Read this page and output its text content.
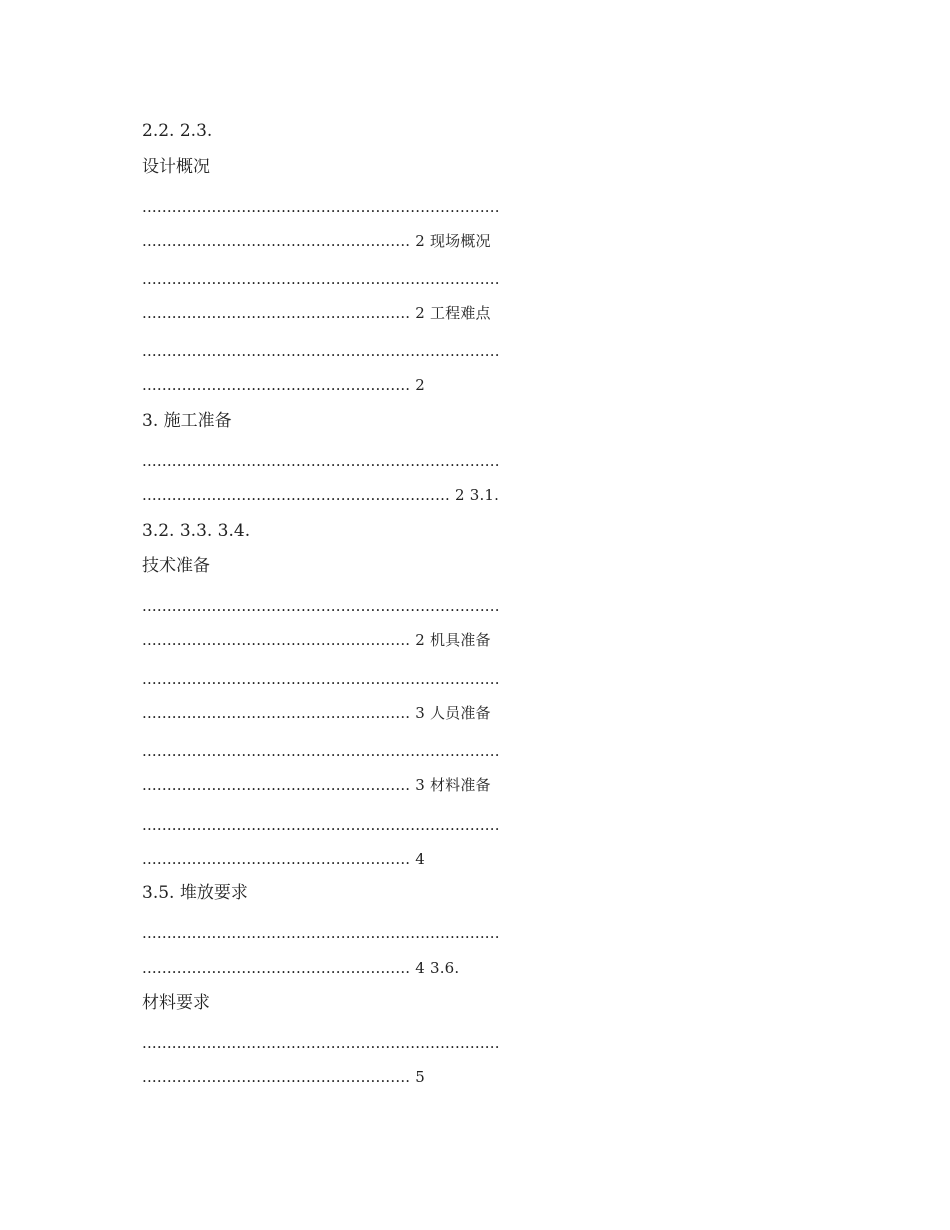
2.2. 2.3.
设计概况
........................................................................
...................................................... 2 现场概况
........................................................................
...................................................... 2 工程难点
........................................................................
...................................................... 2
3. 施工准备
........................................................................
.............................................................. 2 3.1.
3.2. 3.3. 3.4.
技术准备
........................................................................
...................................................... 2 机具准备
........................................................................
...................................................... 3 人员准备
........................................................................
...................................................... 3 材料准备
........................................................................
...................................................... 4
3.5. 堆放要求
........................................................................
...................................................... 4 3.6.
材料要求
........................................................................
...................................................... 5
